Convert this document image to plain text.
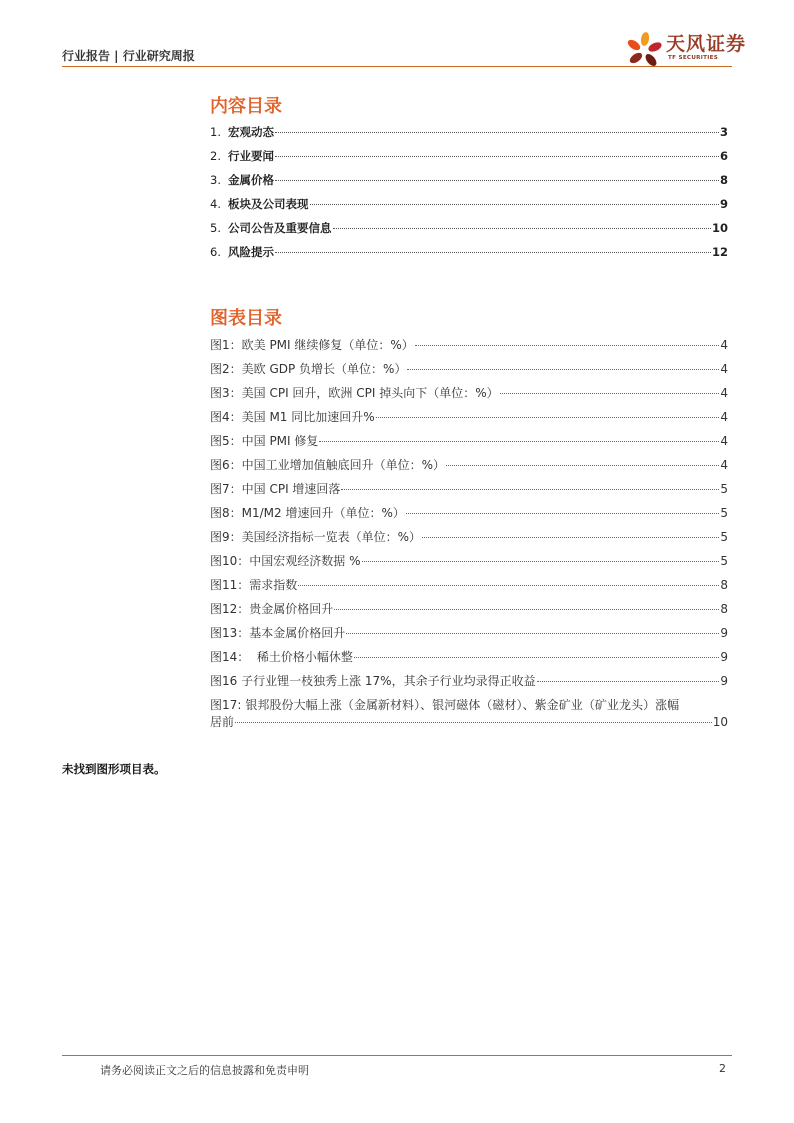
行业报告 | 行业研究周报
天风证券
TF SECURITIES
内容目录
1. 宏观动态	3
2. 行业要闻	6
3. 金属价格	8
4. 板块及公司表现	9
5. 公司公告及重要信息	10
6. 风险提示	12
图表目录
图1：欧美 PMI 继续修复（单位：%）	4
图2：美欧 GDP 负增长（单位：%）	4
图3：美国 CPI 回升，欧洲 CPI 掉头向下（单位：%）	4
图4：美国 M1 同比加速回升%	4
图5：中国 PMI 修复	4
图6：中国工业增加值触底回升（单位：%）	4
图7：中国 CPI 增速回落	5
图8：M1/M2 增速回升（单位：%）	5
图9：美国经济指标一览表（单位：%）	5
图10：中国宏观经济数据 %	5
图11：需求指数	8
图12：贵金属价格回升	8
图13：基本金属价格回升	9
图14：  稀土价格小幅休整	9
图16 子行业锂一枝独秀上涨 17%，其余子行业均录得正收益	9
图17: 银邦股份大幅上涨（金属新材料）、银河磁体（磁材）、紫金矿业（矿业龙头）涨幅
居前	10
未找到图形项目表。
请务必阅读正文之后的信息披露和免责申明	2
